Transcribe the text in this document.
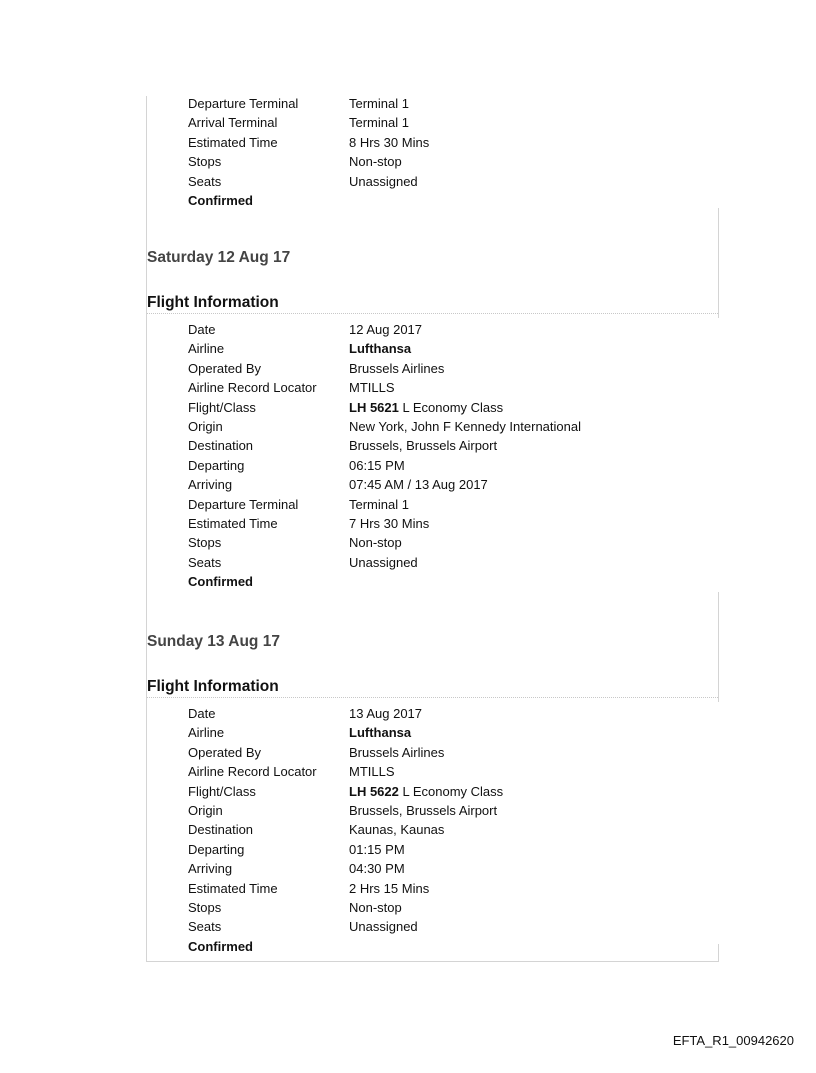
Departure Terminal	Terminal 1
Arrival Terminal	Terminal 1
Estimated Time	8 Hrs 30 Mins
Stops	Non-stop
Seats	Unassigned
Confirmed
Saturday 12 Aug 17
Flight Information
Date	12 Aug 2017
Airline	Lufthansa
Operated By	Brussels Airlines
Airline Record Locator MTILLS
Flight/Class	LH 5621 L Economy Class
Origin	New York, John F Kennedy International
Destination	Brussels, Brussels Airport
Departing	06:15 PM
Arriving	07:45 AM / 13 Aug 2017
Departure Terminal	Terminal 1
Estimated Time	7 Hrs 30 Mins
Stops	Non-stop
Seats	Unassigned
Confirmed
Sunday 13 Aug 17
Flight Information
Date	13 Aug 2017
Airline	Lufthansa
Operated By	Brussels Airlines
Airline Record Locator MTILLS
Flight/Class	LH 5622 L Economy Class
Origin	Brussels, Brussels Airport
Destination	Kaunas, Kaunas
Departing	01:15 PM
Arriving	04:30 PM
Estimated Time	2 Hrs 15 Mins
Stops	Non-stop
Seats	Unassigned
Confirmed
EFTA_R1_00942620
